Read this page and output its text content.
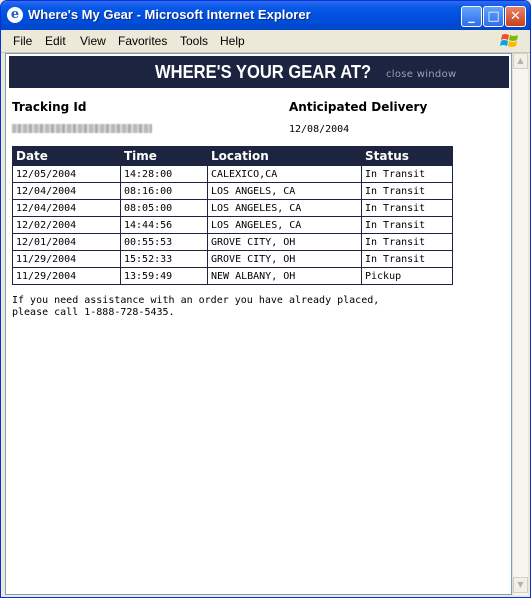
e Where's My Gear - Microsoft Internet Explorer	_ □ ✕
File Edit View Favorites Tools Help
WHERE'S YOUR GEAR AT? close window
Tracking Id	Anticipated Delivery
12/08/2004
Date	Time	Location	Status
12/05/2004	14:28:00	CALEXICO,CA	In Transit
12/04/2004	08:16:00	LOS ANGELS, CA	In Transit
12/04/2004	08:05:00	LOS ANGELES, CA	In Transit
12/02/2004	14:44:56	LOS ANGELES, CA	In Transit
12/01/2004	00:55:53	GROVE CITY, OH	In Transit
11/29/2004	15:52:33	GROVE CITY, OH	In Transit
11/29/2004	13:59:49	NEW ALBANY, OH	Pickup
If you need assistance with an order you have already placed,
please call 1-888-728-5435.
▲
▼
